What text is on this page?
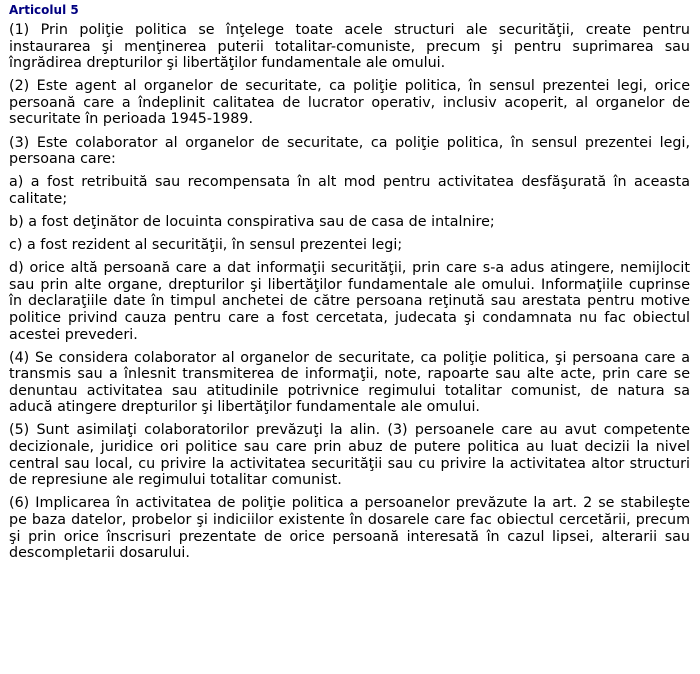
Articolul 5

(1) Prin poliţie politica se înţelege toate acele structuri ale securităţii, create pentru instaurarea şi menţinerea puterii totalitar-comuniste, precum şi pentru suprimarea sau îngrădirea drepturilor şi libertăţilor fundamentale ale omului.

(2) Este agent al organelor de securitate, ca poliţie politica, în sensul prezentei legi, orice persoană care a îndeplinit calitatea de lucrator operativ, inclusiv acoperit, al organelor de securitate în perioada 1945-1989.

(3) Este colaborator al organelor de securitate, ca poliţie politica, în sensul prezentei legi, persoana care:

a) a fost retribuită sau recompensata în alt mod pentru activitatea desfăşurată în aceasta calitate;

b) a fost deţinător de locuinta conspirativa sau de casa de intalnire;

c) a fost rezident al securităţii, în sensul prezentei legi;

d) orice altă persoană care a dat informaţii securităţii, prin care s-a adus atingere, nemijlocit sau prin alte organe, drepturilor şi libertăţilor fundamentale ale omului. Informaţiile cuprinse în declaraţiile date în timpul anchetei de către persoana reţinută sau arestata pentru motive politice privind cauza pentru care a fost cercetata, judecata şi condamnata nu fac obiectul acestei prevederi.

(4) Se considera colaborator al organelor de securitate, ca poliţie politica, şi persoana care a transmis sau a înlesnit transmiterea de informaţii, note, rapoarte sau alte acte, prin care se denuntau activitatea sau atitudinile potrivnice regimului totalitar comunist, de natura sa aducă atingere drepturilor şi libertăţilor fundamentale ale omului.

(5) Sunt asimilaţi colaboratorilor prevăzuţi la alin. (3) persoanele care au avut competente decizionale, juridice ori politice sau care prin abuz de putere politica au luat decizii la nivel central sau local, cu privire la activitatea securităţii sau cu privire la activitatea altor structuri de represiune ale regimului totalitar comunist.

(6) Implicarea în activitatea de poliţie politica a persoanelor prevăzute la art. 2 se stabileşte pe baza datelor, probelor şi indiciilor existente în dosarele care fac obiectul cercetării, precum şi prin orice înscrisuri prezentate de orice persoană interesată în cazul lipsei, alterarii sau descompletarii dosarului.
